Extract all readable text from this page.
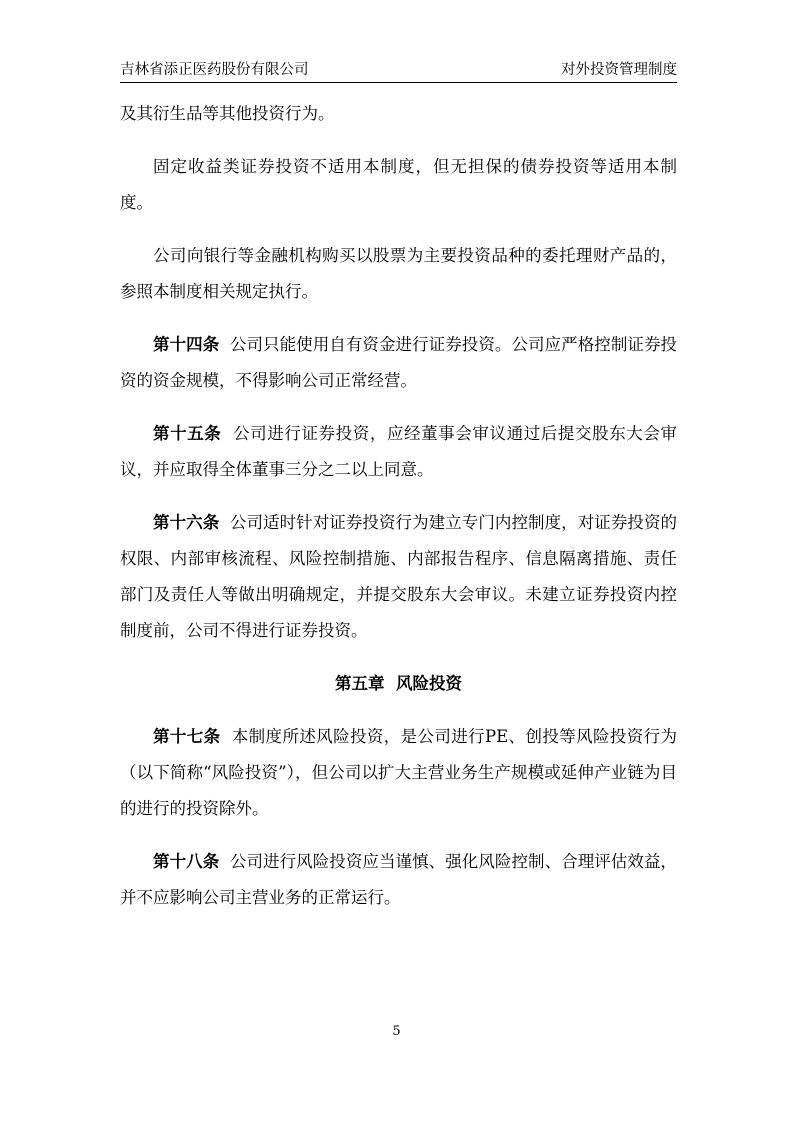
吉林省添正医药股份有限公司	对外投资管理制度

及其衍生品等其他投资行为。

固定收益类证券投资不适用本制度，但无担保的债券投资等适用本制度。

公司向银行等金融机构购买以股票为主要投资品种的委托理财产品的，参照本制度相关规定执行。

第十四条 公司只能使用自有资金进行证券投资。公司应严格控制证券投资的资金规模，不得影响公司正常经营。

第十五条 公司进行证券投资，应经董事会审议通过后提交股东大会审议，并应取得全体董事三分之二以上同意。

第十六条 公司适时针对证券投资行为建立专门内控制度，对证券投资的权限、内部审核流程、风险控制措施、内部报告程序、信息隔离措施、责任部门及责任人等做出明确规定，并提交股东大会审议。未建立证券投资内控制度前，公司不得进行证券投资。

第五章  风险投资

第十七条 本制度所述风险投资，是公司进行PE、创投等风险投资行为（以下简称“风险投资”），但公司以扩大主营业务生产规模或延伸产业链为目的进行的投资除外。

第十八条 公司进行风险投资应当谨慎、强化风险控制、合理评估效益，并不应影响公司主营业务的正常运行。

5
